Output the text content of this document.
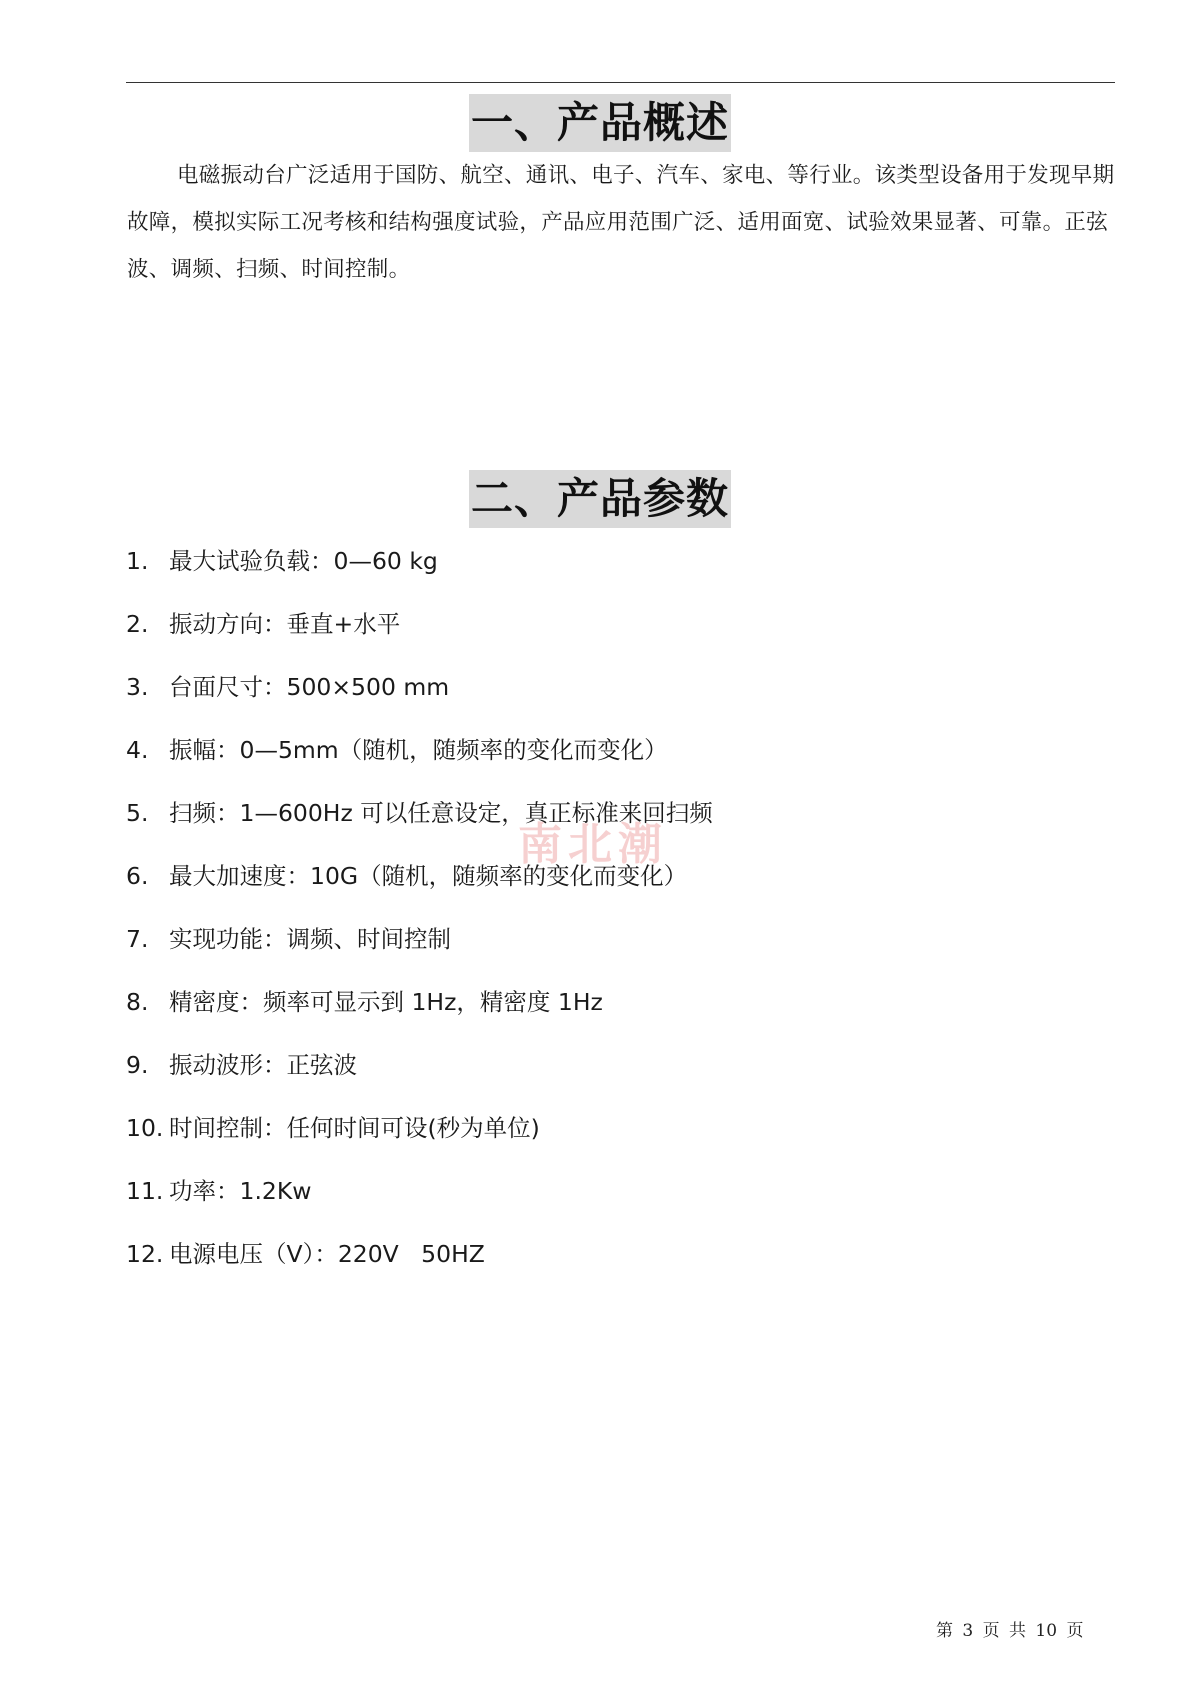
一、产品概述

电磁振动台广泛适用于国防、航空、通讯、电子、汽车、家电、等行业。该类型设备用于发现早期故障，模拟实际工况考核和结构强度试验，产品应用范围广泛、适用面宽、试验效果显著、可靠。正弦波、调频、扫频、时间控制。

二、产品参数
1. 最大试验负载：0—60 kg
2. 振动方向：垂直+水平
3. 台面尺寸：500×500 mm
4. 振幅：0—5mm（随机，随频率的变化而变化）
5. 扫频：1—600Hz 可以任意设定，真正标准来回扫频
6. 最大加速度：10G（随机，随频率的变化而变化）
7. 实现功能：调频、时间控制
8. 精密度：频率可显示到 1Hz，精密度 1Hz
9. 振动波形：正弦波
10. 时间控制：任何时间可设(秒为单位)
11. 功率：1.2Kw
12. 电源电压（V）：220V   50HZ
南北潮
第 3 页 共 10 页
